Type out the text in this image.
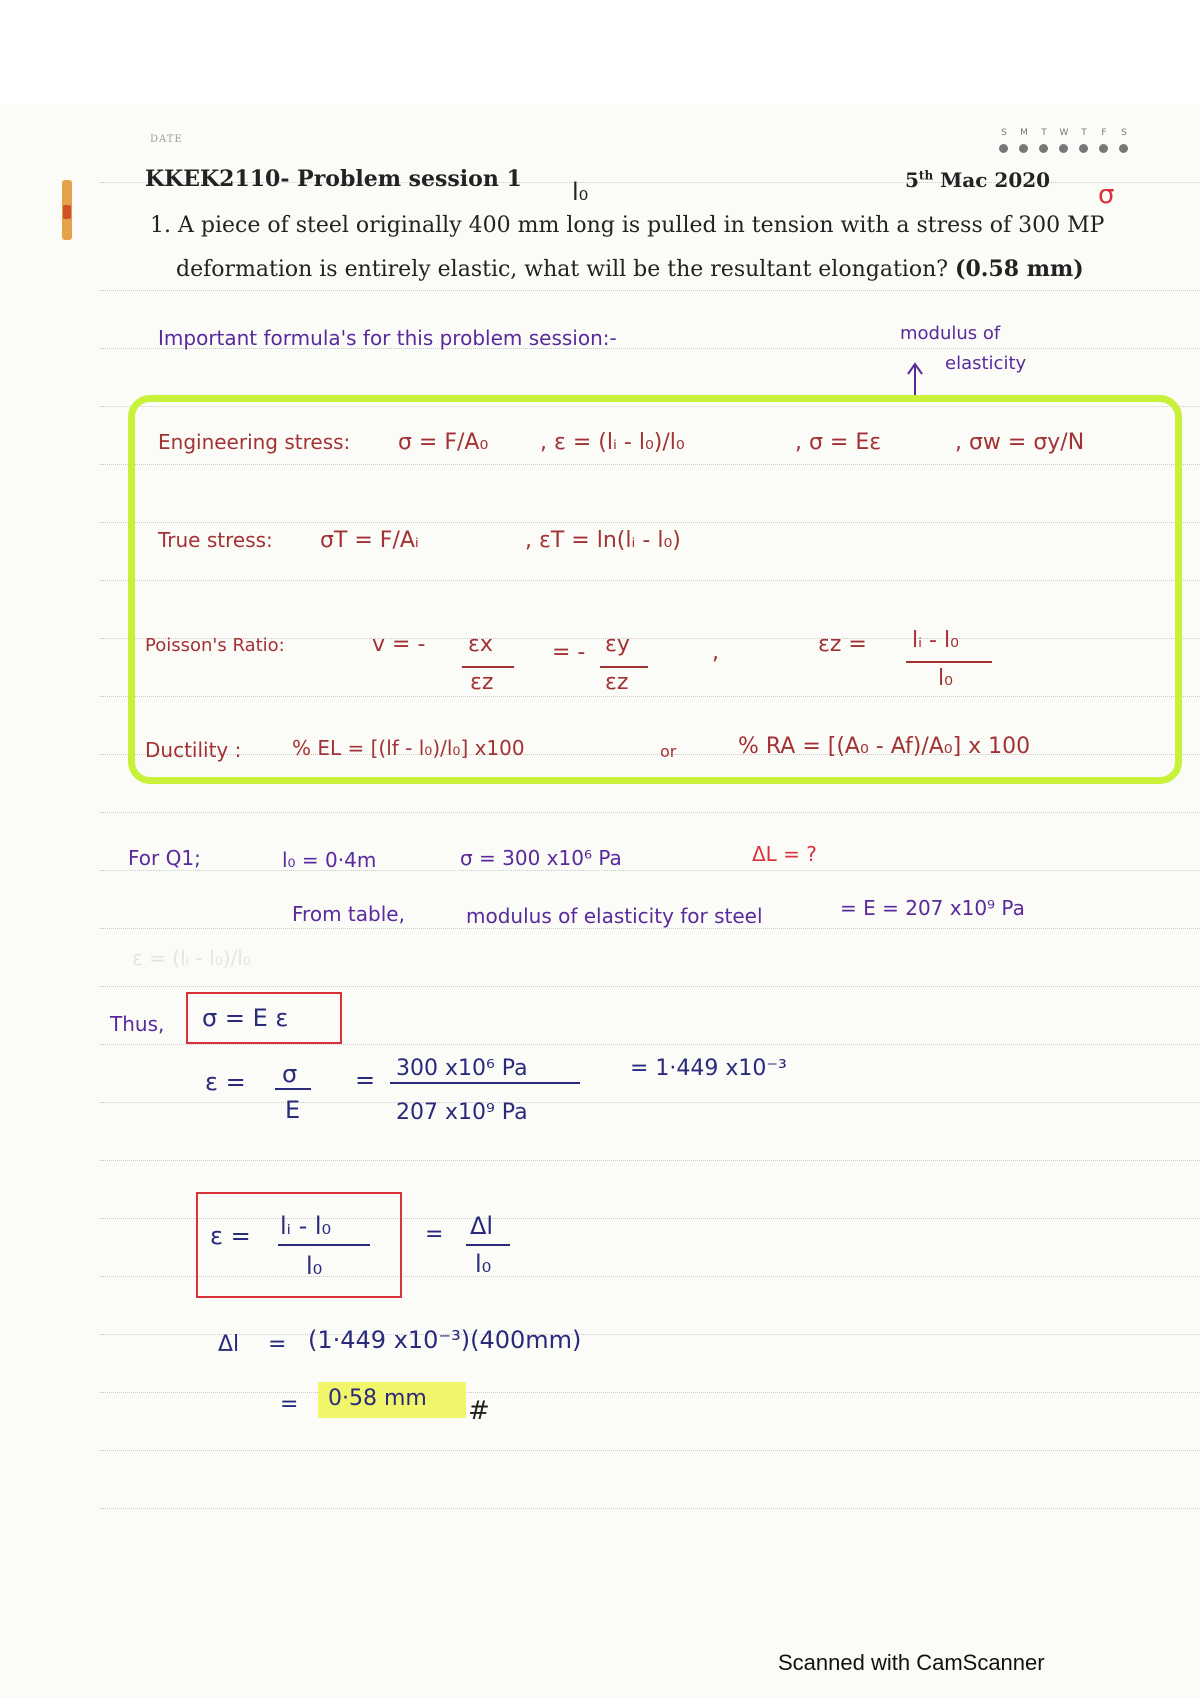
DATE
S	M	T	W	T	F	S
KKEK2110- Problem session 1	5th Mac 2020
l₀	σ
1. A piece of steel originally 400 mm long is pulled in tension with a stress of 300 MP
deformation is entirely elastic, what will be the resultant elongation? (0.58 mm)
Important formula's for this problem session:-	modulus of
elasticity
Engineering stress: σ = F/A₀ , ε = (lᵢ - l₀)/l₀	, σ = Eε	, σw = σy/N
True stress: σT = F/Aᵢ	, εT = ln(lᵢ - l₀)
Poisson's Ratio:	v = - εx
εz
= - εy
εz
,	εz = lᵢ - l₀
l₀
Ductility :	% EL = [(lf - l₀)/l₀] x100	or	% RA = [(A₀ - Af)/A₀] x 100
For Q1;	l₀ = 0·4m	σ = 300 x10⁶ Pa	ΔL = ?
From table,	modulus of elasticity for steel	= E = 207 x10⁹ Pa
ε = (lᵢ - l₀)/l₀
Thus, σ = E ε
ε = σ
E
= 300 x10⁶ Pa
207 x10⁹ Pa
= 1·449 x10⁻³
ε = lᵢ - l₀
l₀
= Δl
l₀
Δl = (1·449 x10⁻³)(400mm)
= 0·58 mm #
Scanned with CamScanner
